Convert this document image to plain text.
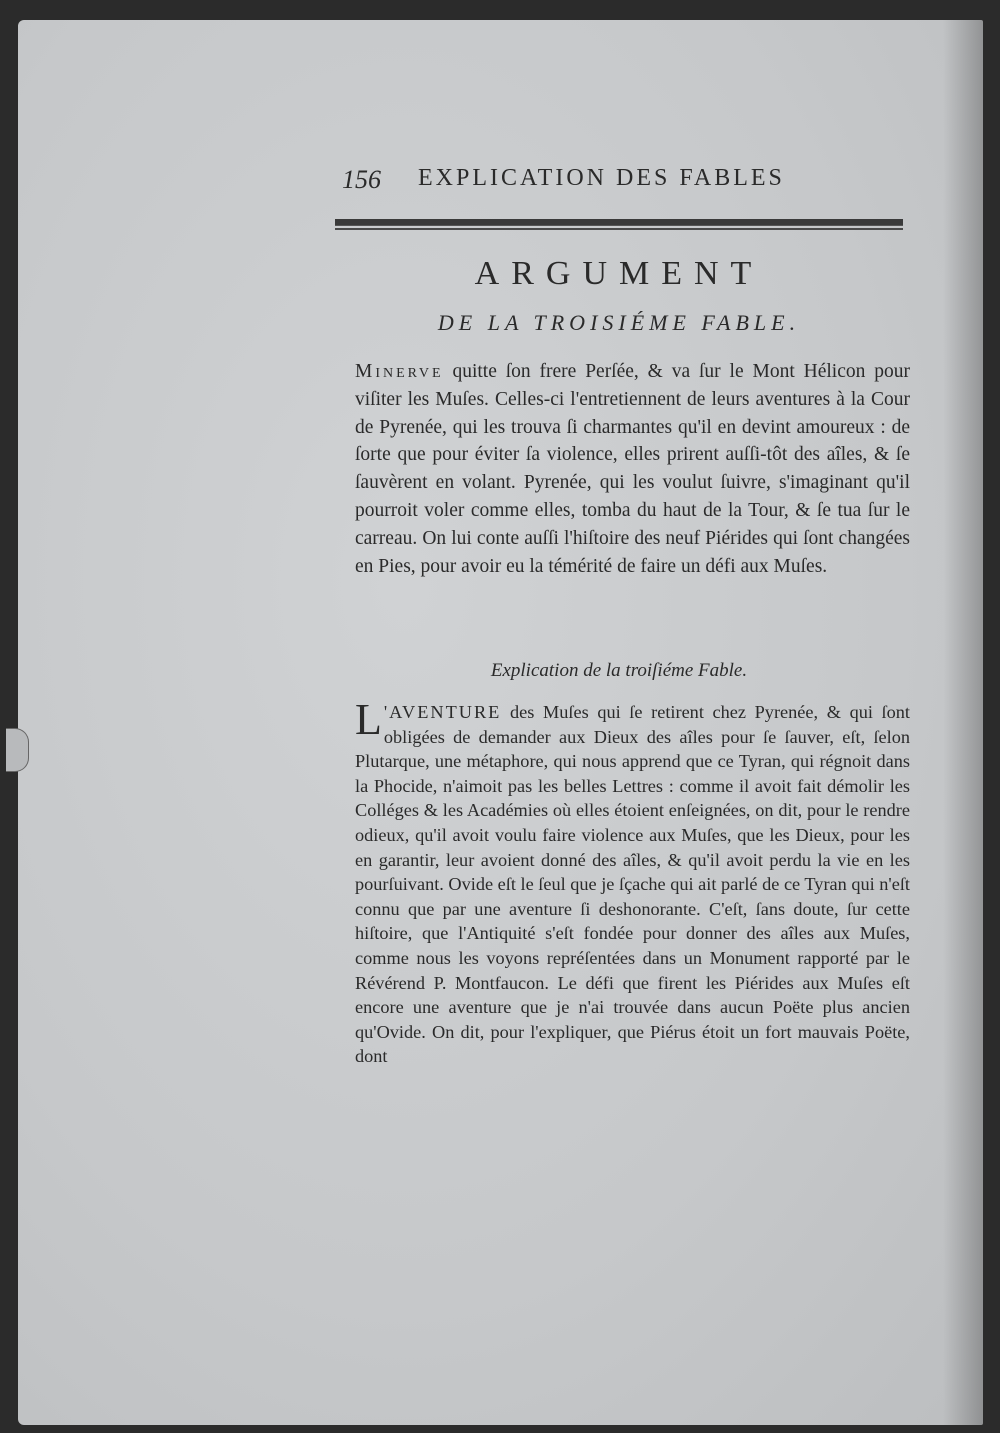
156 EXPLICATION DES FABLES
ARGUMENT
DE LA TROISIÉME FABLE.
Minerve quitte ſon frere Perſée, & va ſur le Mont Hélicon pour viſiter les Muſes. Celles-ci l'entretiennent de leurs aventures à la Cour de Pyrenée, qui les trouva ſi charmantes qu'il en devint amoureux : de ſorte que pour éviter ſa violence, elles prirent auſſi-tôt des aîles, & ſe ſauvèrent en volant. Pyrenée, qui les voulut ſuivre, s'imaginant qu'il pourroit voler comme elles, tomba du haut de la Tour, & ſe tua ſur le carreau. On lui conte auſſi l'hiſtoire des neuf Piérides qui ſont changées en Pies, pour avoir eu la témérité de faire un défi aux Muſes.
Explication de la troiſiéme Fable.
L 'AVENTURE des Muſes qui ſe retirent chez Pyrenée, & qui ſont obligées de demander aux Dieux des aîles pour ſe ſauver, eſt, ſelon Plutarque, une métaphore, qui nous apprend que ce Tyran, qui régnoit dans la Phocide, n'aimoit pas les belles Lettres : comme il avoit fait démolir les Colléges & les Académies où elles étoient enſeignées, on dit, pour le rendre odieux, qu'il avoit voulu faire violence aux Muſes, que les Dieux, pour les en garantir, leur avoient donné des aîles, & qu'il avoit perdu la vie en les pourſuivant. Ovide eſt le ſeul que je ſçache qui ait parlé de ce Tyran qui n'eſt connu que par une aventure ſi deshonorante. C'eſt, ſans doute, ſur cette hiſtoire, que l'Antiquité s'eſt fondée pour donner des aîles aux Muſes, comme nous les voyons repréſentées dans un Monument rapporté par le Révérend P. Montfaucon. Le défi que firent les Piérides aux Muſes eſt encore une aventure que je n'ai trouvée dans aucun Poëte plus ancien qu'Ovide. On dit, pour l'expliquer, que Piérus étoit un fort mauvais Poëte, dont
